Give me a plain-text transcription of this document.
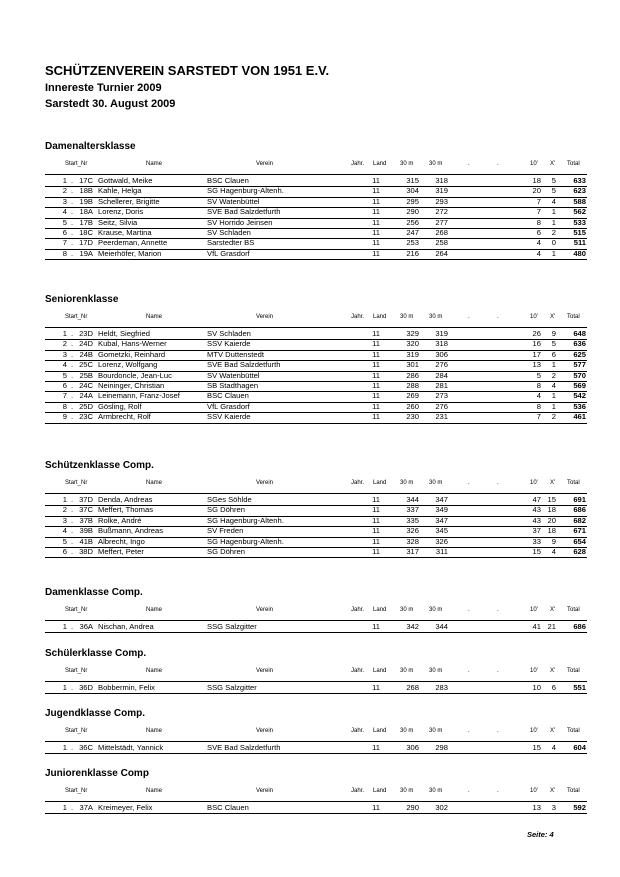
SCHÜTZENVEREIN SARSTEDT VON 1951 E.V.
Innereste Turnier 2009
Sarstedt 30. August 2009
Damenaltersklasse
Start_Nr	Name	Verein	Jahr. Land 30 m	30 m	.	.	10' X' Total
1	17C Gottwald, Meike	BSC Clauen	11	315	318	18	5	633
.
2	18B Kahle, Helga	SG Hagenburg-Altenh.	11	304	319	20	5	623
.
3	19B Schellerer, Brigitte	SV Watenbüttel	11	295	293	7	4	588
.
4	18A Lorenz, Doris	SVE Bad Salzdetfurth	11	290	272	7	1	562
.
5	17B Seitz, Silvia	SV Horrido Jeinsen	11	256	277	8	1	533
.
6	18C Krause, Martina	SV Schladen	11	247	268	6	2	515
.
7	17D Peerdeman, Annette	Sarstedter BS	11	253	258	4	0	511
.
8	19A Meierhöfer, Marion	VfL Grasdorf	11	216	264	4	1	480
.
Seniorenklasse
Start_Nr	Name	Verein	Jahr. Land 30 m	30 m	.	.	10' X' Total
1	23D Heldt, Siegfried	SV Schladen	11	329	319	26	9	648
.
2	24D Kubal, Hans-Werner	SSV Kaierde	11	320	318	16	5	636
.
3	24B Gometzki, Reinhard	MTV Duttenstedt	11	319	306	17	6	625
.
4	25C Lorenz, Wolfgang	SVE Bad Salzdetfurth	11	301	276	13	1	577
.
5	25B Bourdoncle, Jean-Luc	SV Watenbüttel	11	286	284	5	2	570
.
6	24C Neininger, Christian	SB Stadthagen	11	288	281	8	4	569
.
7	24A Leinemann, Franz-Josef	BSC Clauen	11	269	273	4	1	542
.
8	25D Gösling, Rolf	VfL Grasdorf	11	260	276	8	1	536
.
9	23C Armbrecht, Rolf	SSV Kaierde	11	230	231	7	2	461
.
Schützenklasse Comp.
Start_Nr	Name	Verein	Jahr. Land 30 m	30 m	.	.	10' X' Total
1	37D Denda, Andreas	SGes Söhlde	11	344	347	47 15	691
.
2	37C Meffert, Thomas	SG Döhren	11	337	349	43 18	686
.
3	37B Rolke, André	SG Hagenburg-Altenh.	11	335	347	43 20	682
.
4	39B Bußmann, Andreas	SV Freden	11	326	345	37 18	671
.
5	41B Albrecht, Ingo	SG Hagenburg-Altenh.	11	328	326	33	9	654
.
6	38D Meffert, Peter	SG Döhren	11	317	311	15	4	628
.
Damenklasse Comp.
Start_Nr	Name	Verein	Jahr. Land 30 m	30 m	.	.	10' X' Total
1	36A Nischan, Andrea	SSG Salzgitter	11	342	344	41 21	686
.
Schülerklasse Comp.
Start_Nr	Name	Verein	Jahr. Land 30 m	30 m	.	.	10' X' Total
1	36D Bobbermin, Felix	SSG Salzgitter	11	268	283	10	6	551
.
Jugendklasse Comp.
Start_Nr	Name	Verein	Jahr. Land 30 m	30 m	.	.	10' X' Total
1	36C Mittelstädt, Yannick	SVE Bad Salzdetfurth	11	306	298	15	4	604
.
Juniorenklasse Comp
Start_Nr	Name	Verein	Jahr. Land 30 m	30 m	.	.	10' X' Total
1	37A Kreimeyer, Felix	BSC Clauen	11	290	302	13	3	592
.
Seite: 4
